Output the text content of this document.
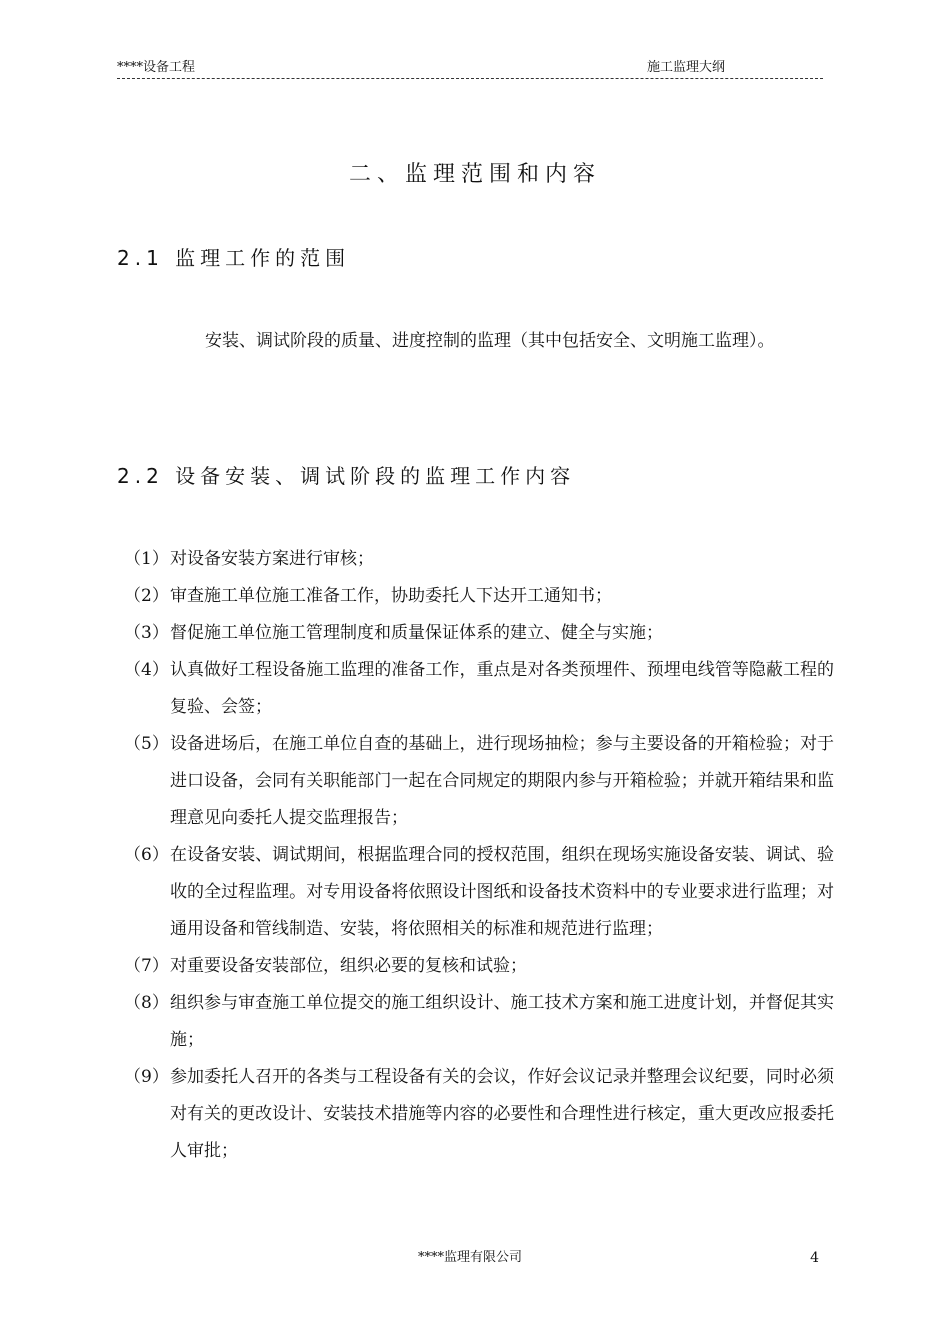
****设备工程	施工监理大纲
二、监理范围和内容
2.1 监理工作的范围
安装、调试阶段的质量、进度控制的监理（其中包括安全、文明施工监理）。
2.2 设备安装、调试阶段的监理工作内容
（1） 对设备安装方案进行审核；
（2） 审查施工单位施工准备工作，协助委托人下达开工通知书；
（3） 督促施工单位施工管理制度和质量保证体系的建立、健全与实施；
（4） 认真做好工程设备施工监理的准备工作，重点是对各类预埋件、预埋电线管等隐蔽工程的复验、会签；
（5） 设备进场后，在施工单位自查的基础上，进行现场抽检；参与主要设备的开箱检验；对于进口设备，会同有关职能部门一起在合同规定的期限内参与开箱检验；并就开箱结果和监理意见向委托人提交监理报告；
（6） 在设备安装、调试期间，根据监理合同的授权范围，组织在现场实施设备安装、调试、验收的全过程监理。对专用设备将依照设计图纸和设备技术资料中的专业要求进行监理；对通用设备和管线制造、安装，将依照相关的标准和规范进行监理；
（7） 对重要设备安装部位，组织必要的复核和试验；
（8） 组织参与审查施工单位提交的施工组织设计、施工技术方案和施工进度计划，并督促其实施；
（9） 参加委托人召开的各类与工程设备有关的会议，作好会议记录并整理会议纪要，同时必须对有关的更改设计、安装技术措施等内容的必要性和合理性进行核定，重大更改应报委托人审批；
****监理有限公司	4
